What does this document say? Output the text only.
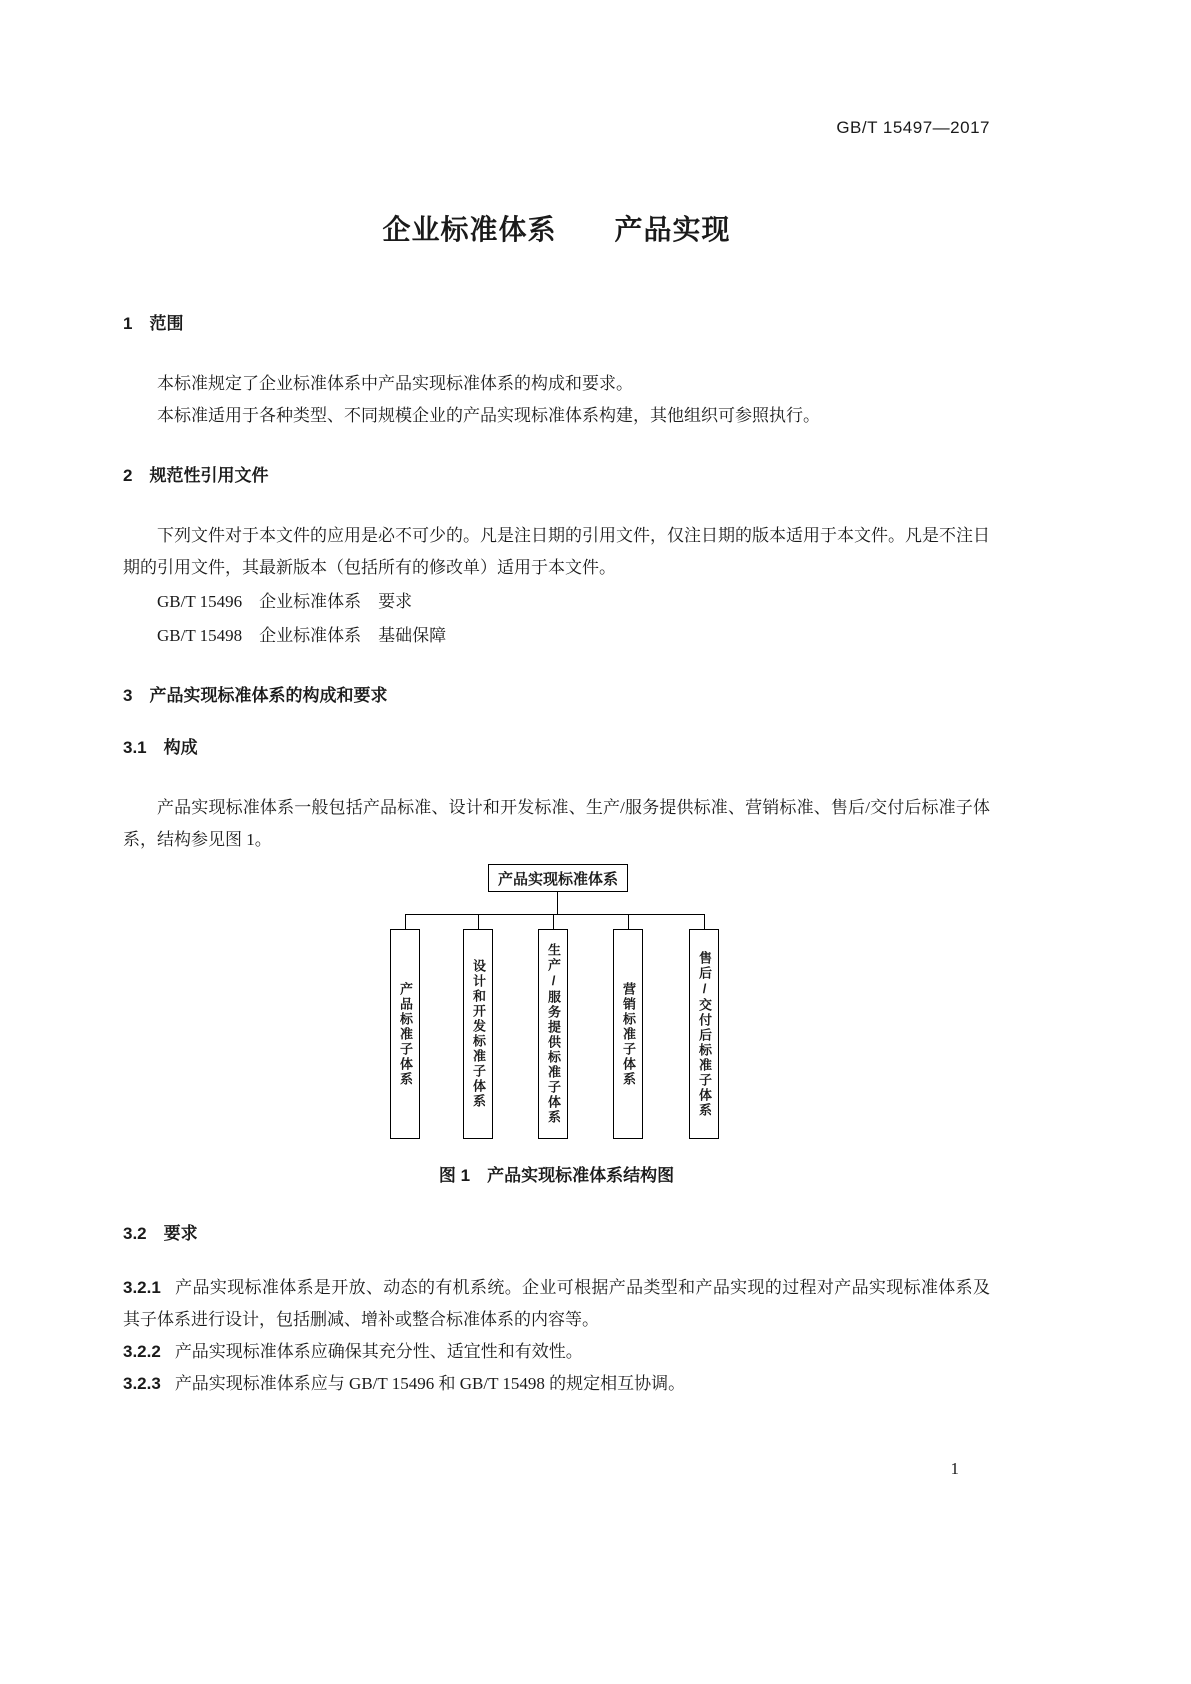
GB/T 15497—2017
企业标准体系　　产品实现
1　范围

本标准规定了企业标准体系中产品实现标准体系的构成和要求。

本标准适用于各种类型、不同规模企业的产品实现标准体系构建，其他组织可参照执行。

2　规范性引用文件

下列文件对于本文件的应用是必不可少的。凡是注日期的引用文件，仅注日期的版本适用于本文件。凡是不注日期的引用文件，其最新版本（包括所有的修改单）适用于本文件。

GB/T 15496　企业标准体系　要求

GB/T 15498　企业标准体系　基础保障

3　产品实现标准体系的构成和要求
3.1　构成

产品实现标准体系一般包括产品标准、设计和开发标准、生产/服务提供标准、营销标准、售后/交付后标准子体系，结构参见图 1。

产品实现标准体系
产品标准子体系	设计和开发标准子体系	生产/服务提供标准子体系	营销标准子体系	售后/交付后标准子体系
图 1　产品实现标准体系结构图
3.2　要求

3.2.1 产品实现标准体系是开放、动态的有机系统。企业可根据产品类型和产品实现的过程对产品实现标准体系及其子体系进行设计，包括删减、增补或整合标准体系的内容等。

3.2.2 产品实现标准体系应确保其充分性、适宜性和有效性。

3.2.3 产品实现标准体系应与 GB/T 15496 和 GB/T 15498 的规定相互协调。

1
